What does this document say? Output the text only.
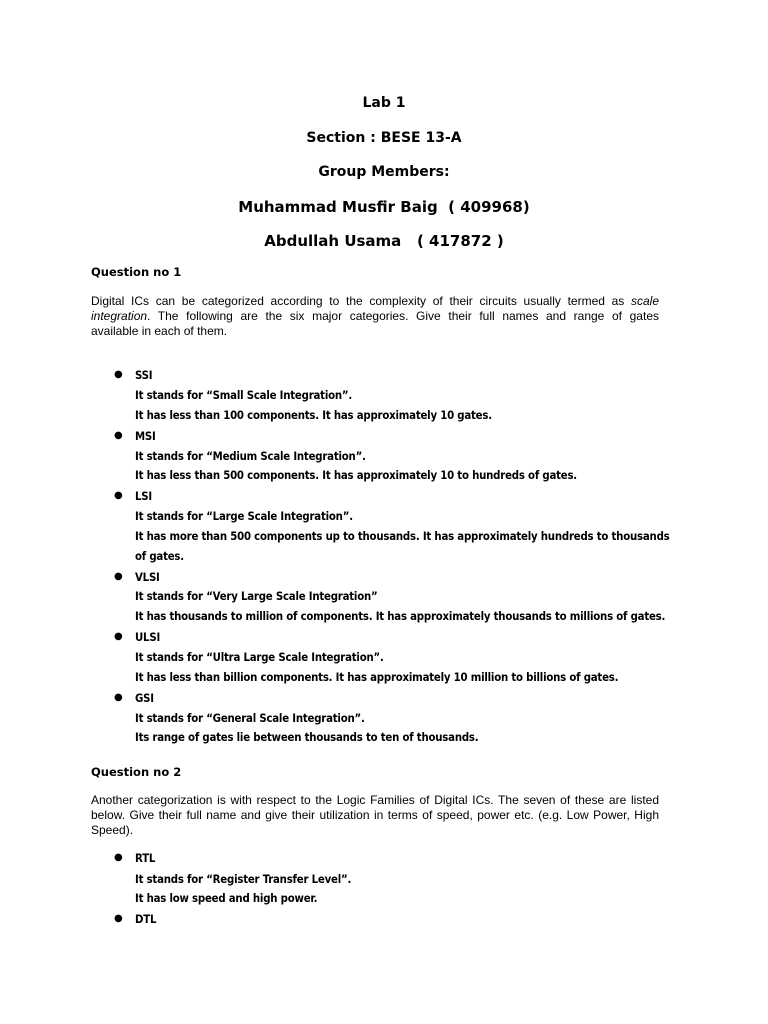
Lab 1
Section : BESE 13-A
Group Members:
Muhammad Musfir Baig  ( 409968)
Abdullah Usama   ( 417872 )
Question no 1
Digital ICs can be categorized according to the complexity of their circuits usually termed as scale
integration. The following are the six major categories. Give their full names and range of gates
available in each of them.
● SSI
It stands for “Small Scale Integration”.
It has less than 100 components. It has approximately 10 gates.
● MSI
It stands for “Medium Scale Integration”.
It has less than 500 components. It has approximately 10 to hundreds of gates.
● LSI
It stands for “Large Scale Integration”.
It has more than 500 components up to thousands. It has approximately hundreds to thousands
of gates.
● VLSI
It stands for “Very Large Scale Integration”
It has thousands to million of components. It has approximately thousands to millions of gates.
● ULSI
It stands for “Ultra Large Scale Integration”.
It has less than billion components. It has approximately 10 million to billions of gates.
● GSI
It stands for “General Scale Integration”.
Its range of gates lie between thousands to ten of thousands.
Question no 2
Another categorization is with respect to the Logic Families of Digital ICs. The seven of these are listed
below. Give their full name and give their utilization in terms of speed, power etc. (e.g. Low Power, High
Speed).
● RTL
It stands for “Register Transfer Level”.
It has low speed and high power.
● DTL
